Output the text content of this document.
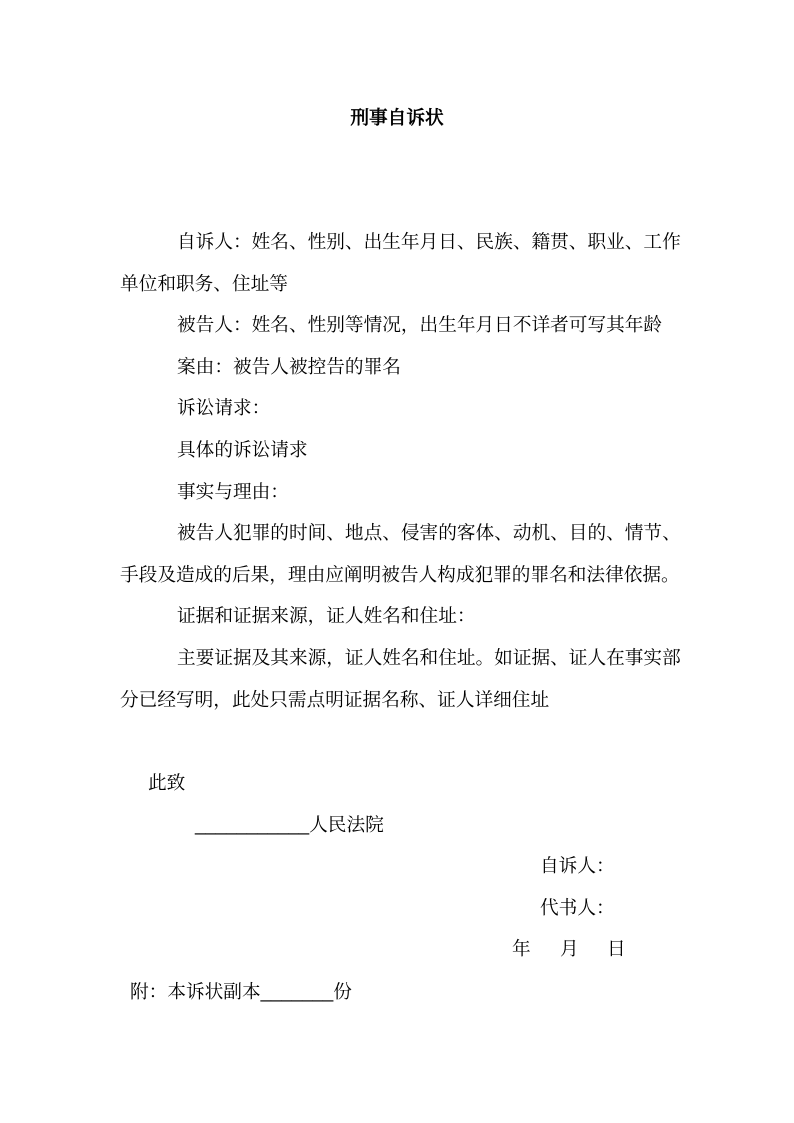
刑事自诉状
自诉人：姓名、性别、出生年月日、民族、籍贯、职业、工作
单位和职务、住址等
被告人：姓名、性别等情况，出生年月日不详者可写其年龄
案由：被告人被控告的罪名
诉讼请求：
具体的诉讼请求
事实与理由：
被告人犯罪的时间、地点、侵害的客体、动机、目的、情节、
手段及造成的后果，理由应阐明被告人构成犯罪的罪名和法律依据。
证据和证据来源，证人姓名和住址：
主要证据及其来源，证人姓名和住址。如证据、证人在事实部
分已经写明，此处只需点明证据名称、证人详细住址
此致
___________人民法院
自诉人：
代书人：
年 月 日
附：本诉状副本_______份
